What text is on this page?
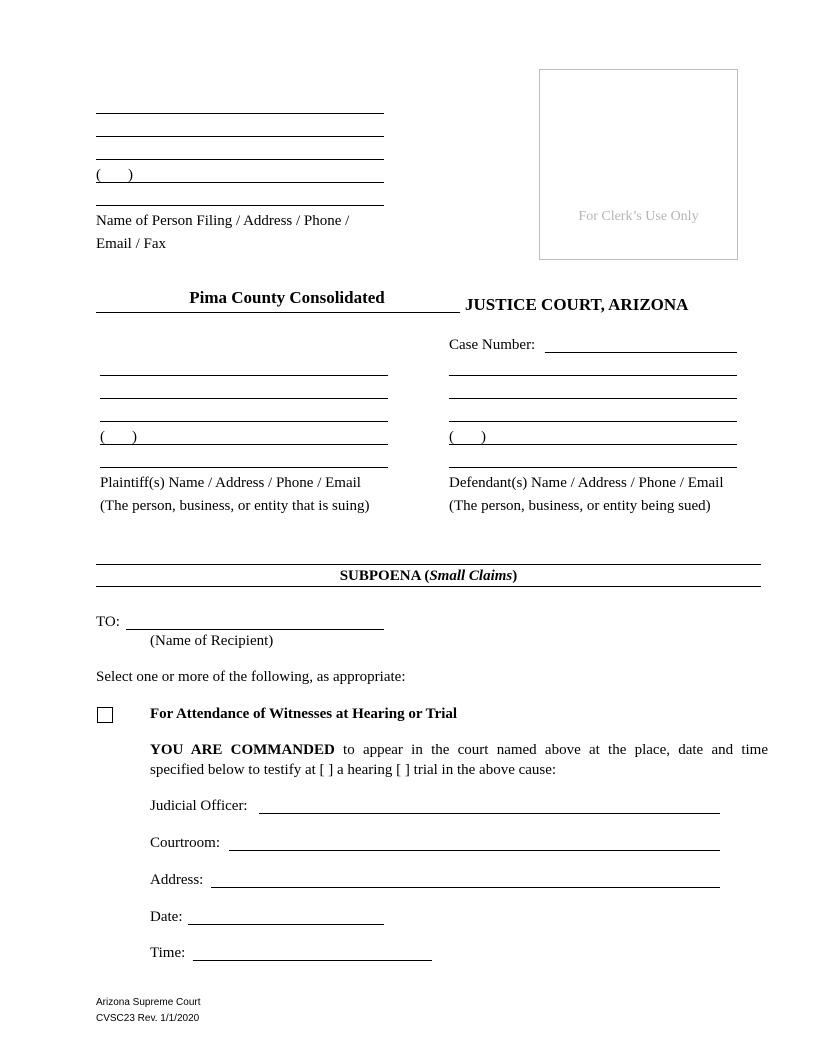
( )
Name of Person Filing / Address / Phone /
Email / Fax
For Clerk’s Use Only
Pima County Consolidated	JUSTICE COURT, ARIZONA
Case Number:
( )
Plaintiff(s) Name / Address / Phone / Email
(The person, business, or entity that is suing)
( )
Defendant(s) Name / Address / Phone / Email
(The person, business, or entity being sued)
SUBPOENA (Small Claims)
TO:
(Name of Recipient)
Select one or more of the following, as appropriate:
For Attendance of Witnesses at Hearing or Trial
YOU ARE COMMANDED to appear in the court named above at the place, date and time
specified below to testify at [ ] a hearing [ ] trial in the above cause:
Judicial Officer:
Courtroom:
Address:
Date:
Time:
Arizona Supreme Court
CVSC23 Rev. 1/1/2020
